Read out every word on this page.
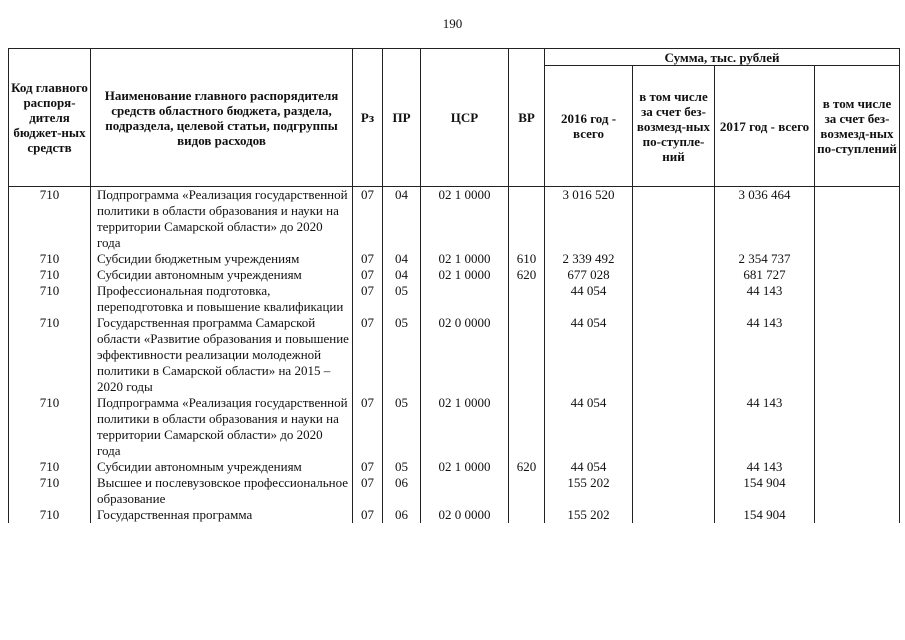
190
Код главного распоря-дителя бюджет-ных средств	Наименование главного распорядителя средств областного бюджета, раздела, подраздела, целевой статьи, подгруппы видов расходов	Рз	ПР	ЦСР	ВР	Сумма, тыс. рублей			
						2016 год - всего	в том числе за счет без-возмезд-ных по-ступле-ний	2017 год - всего	в том числе за счет без-возмезд-ных по-ступлений
710	Подпрограмма «Реализация государственной политики в области образования и науки на территории Самарской области» до 2020 года	07	04	02 1 0000		3 016 520		3 036 464	
710	Субсидии бюджетным учреждениям	07	04	02 1 0000	610	2 339 492		2 354 737	
710	Субсидии автономным учреждениям	07	04	02 1 0000	620	677 028		681 727	
710	Профессиональная подготовка, переподготовка и повышение квалификации	07	05			44 054		44 143	
710	Государственная программа Самарской области «Развитие образования и повышение эффективности реализации молодежной политики в Самарской области» на 2015 – 2020 годы	07	05	02 0 0000		44 054		44 143	
710	Подпрограмма «Реализация государственной политики в области образования и науки на территории Самарской области» до 2020 года	07	05	02 1 0000		44 054		44 143	
710	Субсидии автономным учреждениям	07	05	02 1 0000	620	44 054		44 143	
710	Высшее и послевузовское профессиональное образование	07	06			155 202		154 904	
710	Государственная программа	07	06	02 0 0000		155 202		154 904	
